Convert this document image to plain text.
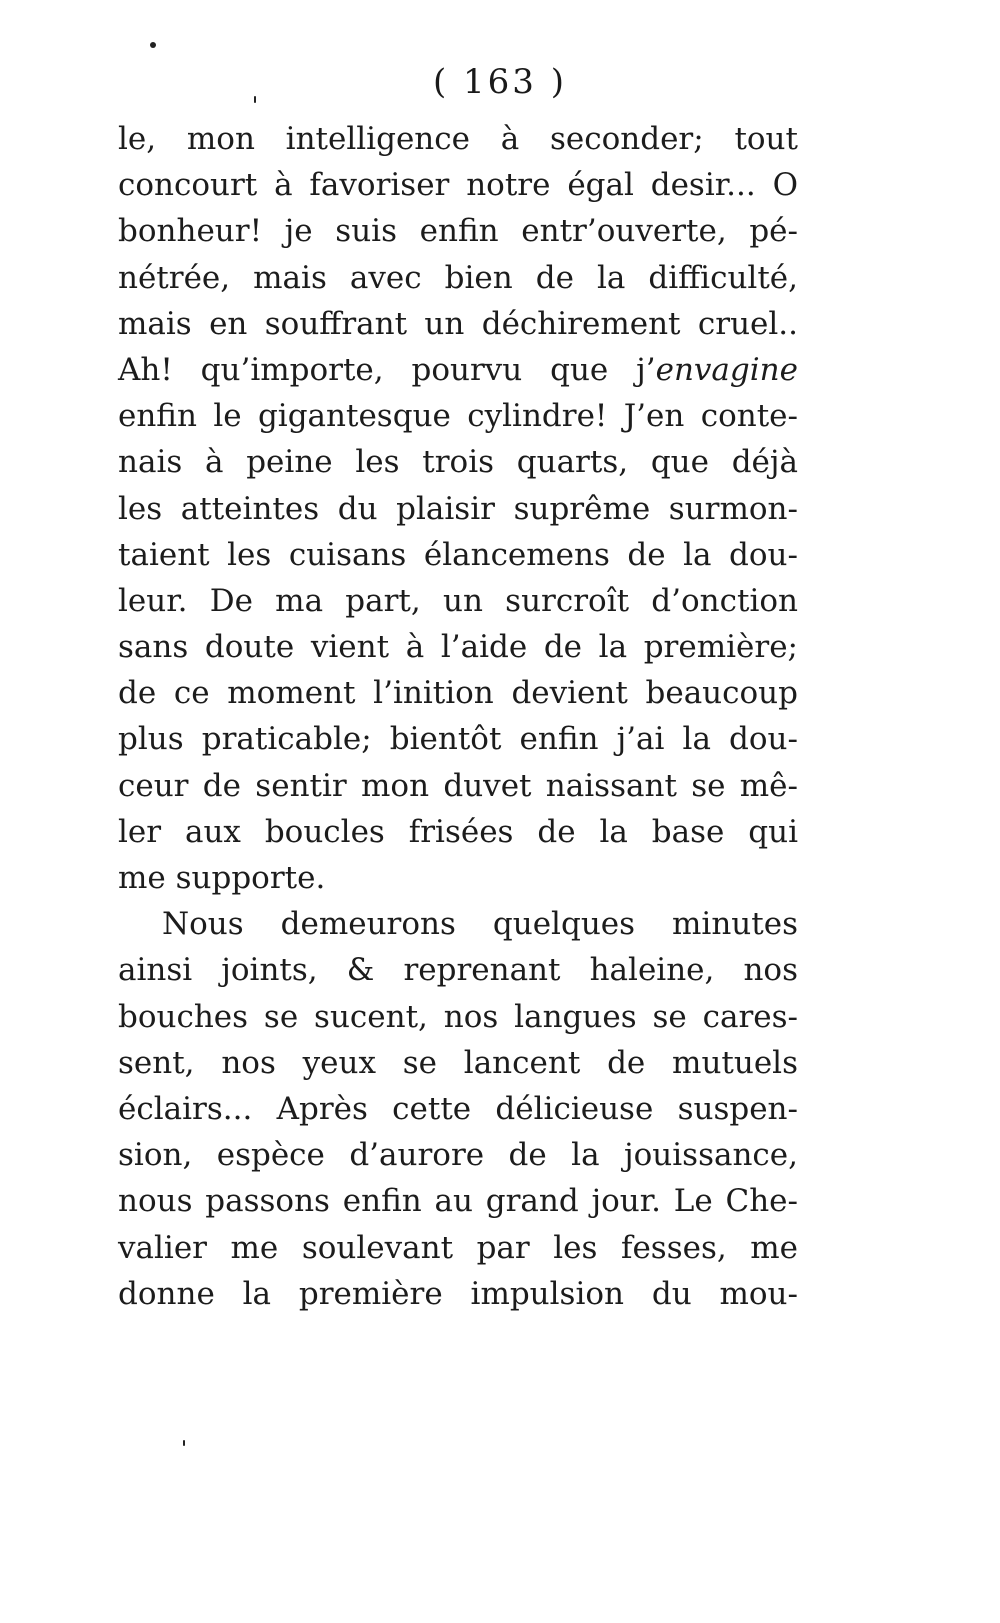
( 163 )
le, mon intelligence à seconder; tout
concourt à favoriser notre égal desir... O
bonheur! je suis enfin entr’ouverte, pé-
nétrée, mais avec bien de la difficulté,
mais en souffrant un déchirement cruel..
Ah! qu’importe, pourvu que j’envagine
enfin le gigantesque cylindre! J’en conte-
nais à peine les trois quarts, que déjà
les atteintes du plaisir suprême surmon-
taient les cuisans élancemens de la dou-
leur. De ma part, un surcroît d’onction
sans doute vient à l’aide de la première;
de ce moment l’inition devient beaucoup
plus praticable; bientôt enfin j’ai la dou-
ceur de sentir mon duvet naissant se mê-
ler aux boucles frisées de la base qui
me supporte.
Nous demeurons quelques minutes
ainsi joints, & reprenant haleine, nos
bouches se sucent, nos langues se cares-
sent, nos yeux se lancent de mutuels
éclairs... Après cette délicieuse suspen-
sion, espèce d’aurore de la jouissance,
nous passons enfin au grand jour. Le Che-
valier me soulevant par les fesses, me
donne la première impulsion du mou-
